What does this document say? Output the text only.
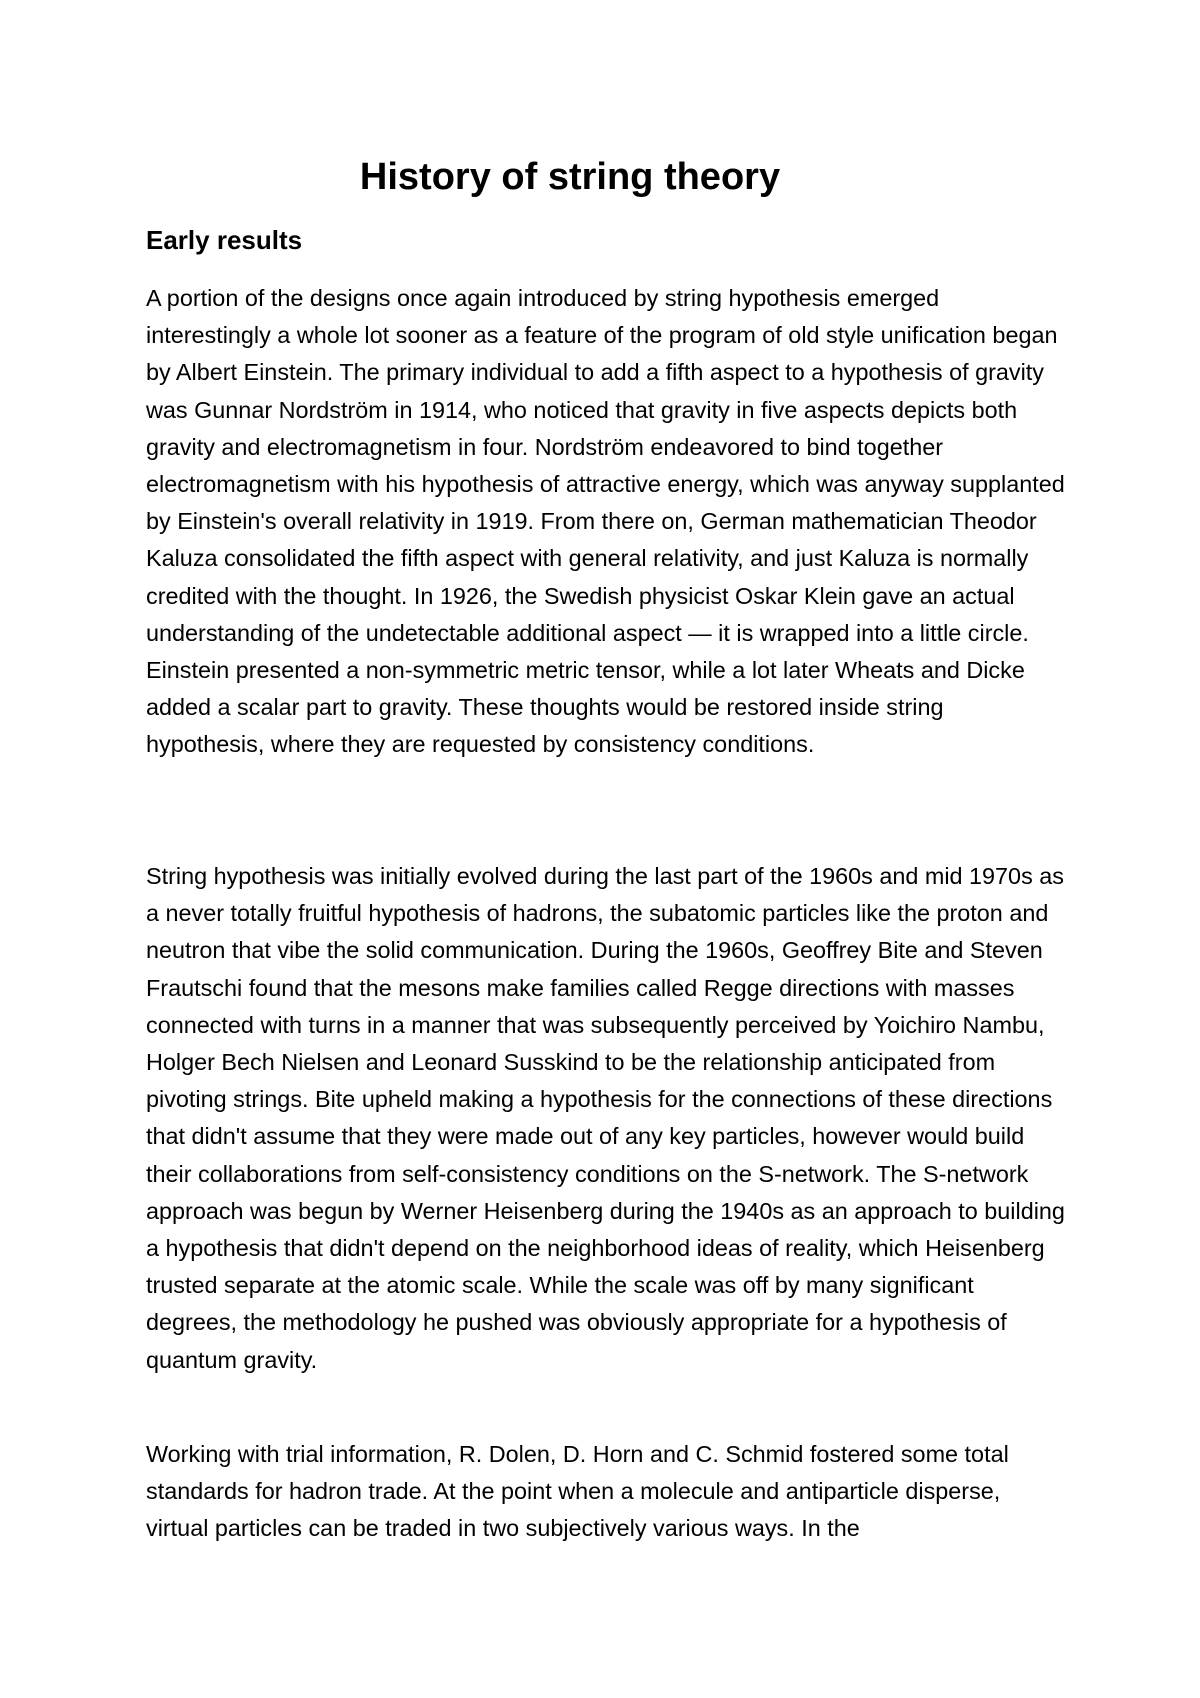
History of string theory
Early results

A portion of the designs once again introduced by string hypothesis emerged interestingly a whole lot sooner as a feature of the program of old style unification began by Albert Einstein. The primary individual to add a fifth aspect to a hypothesis of gravity was Gunnar Nordström in 1914, who noticed that gravity in five aspects depicts both gravity and electromagnetism in four. Nordström endeavored to bind together electromagnetism with his hypothesis of attractive energy, which was anyway supplanted by Einstein's overall relativity in 1919. From there on, German mathematician Theodor Kaluza consolidated the fifth aspect with general relativity, and just Kaluza is normally credited with the thought. In 1926, the Swedish physicist Oskar Klein gave an actual understanding of the undetectable additional aspect — it is wrapped into a little circle. Einstein presented a non-symmetric metric tensor, while a lot later Wheats and Dicke added a scalar part to gravity. These thoughts would be restored inside string hypothesis, where they are requested by consistency conditions.

String hypothesis was initially evolved during the last part of the 1960s and mid 1970s as a never totally fruitful hypothesis of hadrons, the subatomic particles like the proton and neutron that vibe the solid communication. During the 1960s, Geoffrey Bite and Steven Frautschi found that the mesons make families called Regge directions with masses connected with turns in a manner that was subsequently perceived by Yoichiro Nambu, Holger Bech Nielsen and Leonard Susskind to be the relationship anticipated from pivoting strings. Bite upheld making a hypothesis for the connections of these directions that didn't assume that they were made out of any key particles, however would build their collaborations from self-consistency conditions on the S-network. The S-network approach was begun by Werner Heisenberg during the 1940s as an approach to building a hypothesis that didn't depend on the neighborhood ideas of reality, which Heisenberg trusted separate at the atomic scale. While the scale was off by many significant degrees, the methodology he pushed was obviously appropriate for a hypothesis of quantum gravity.

Working with trial information, R. Dolen, D. Horn and C. Schmid fostered some total standards for hadron trade. At the point when a molecule and antiparticle disperse, virtual particles can be traded in two subjectively various ways. In the
